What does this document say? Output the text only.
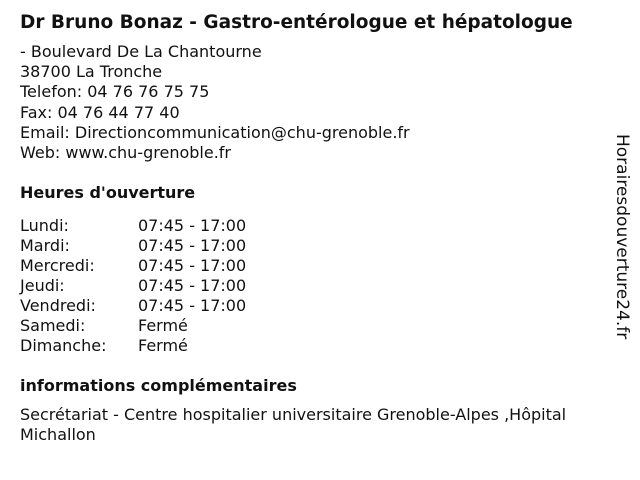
Dr Bruno Bonaz - Gastro-entérologue et hépatologue
- Boulevard De La Chantourne
38700 La Tronche
Telefon: 04 76 76 75 75
Fax: 04 76 44 77 40
Email: Directioncommunication@chu-grenoble.fr
Web: www.chu-grenoble.fr
Heures d'ouverture
Lundi:	07:45 - 17:00
Mardi:	07:45 - 17:00
Mercredi:	07:45 - 17:00
Jeudi:	07:45 - 17:00
Vendredi:	07:45 - 17:00
Samedi:	Fermé
Dimanche:	Fermé
informations complémentaires
Secrétariat - Centre hospitalier universitaire Grenoble-Alpes ,Hôpital Michallon
Horairesdouverture24.fr
